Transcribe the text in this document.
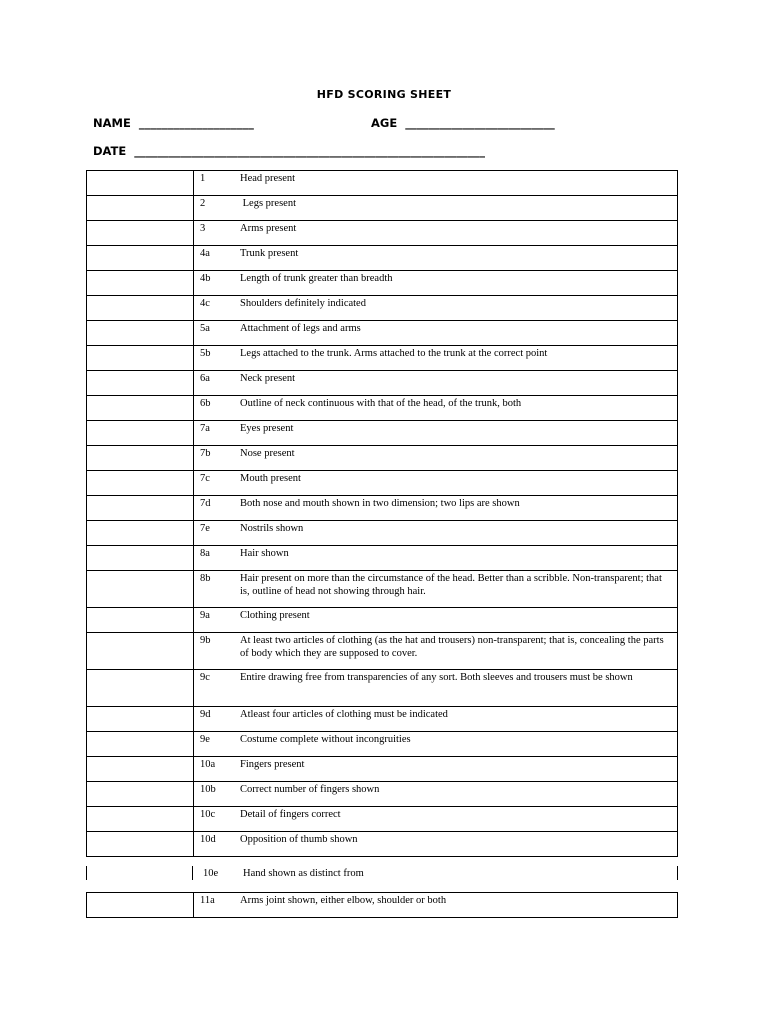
HFD SCORING SHEET
NAME ____________________	AGE __________________________
DATE _____________________________________________________________

	1 Head present

	2 Legs present

	3 Arms present

	4a Trunk present

	4b Length of trunk greater than breadth

	4c Shoulders definitely indicated

	5a Attachment of legs and arms

	5b Legs attached to the trunk. Arms attached to the trunk at the correct point

	6a Neck present

	6b Outline of neck continuous with that of the head, of the trunk, both

	7a Eyes present

	7b Nose present

	7c Mouth present

	7d Both nose and mouth shown in two dimension; two lips are shown

	7e Nostrils shown

	8a Hair shown

	8b Hair present on more than the circumstance of the head. Better than a scribble. Non-transparent; that is, outline of head not showing through hair.

	9a Clothing present

	9b At least two articles of clothing (as the hat and trousers) non-transparent; that is, concealing the parts of body which they are supposed to cover.

	9c Entire drawing free from transparencies of any sort. Both sleeves and trousers must be shown

	9d Atleast four articles of clothing must be indicated

	9e Costume complete without incongruities

	10a Fingers present

	10b Correct number of fingers shown

	10c Detail of fingers correct

	10d Opposition of thumb shown
10e Hand shown as distinct from

11a Arms joint shown, either elbow, shoulder or both
